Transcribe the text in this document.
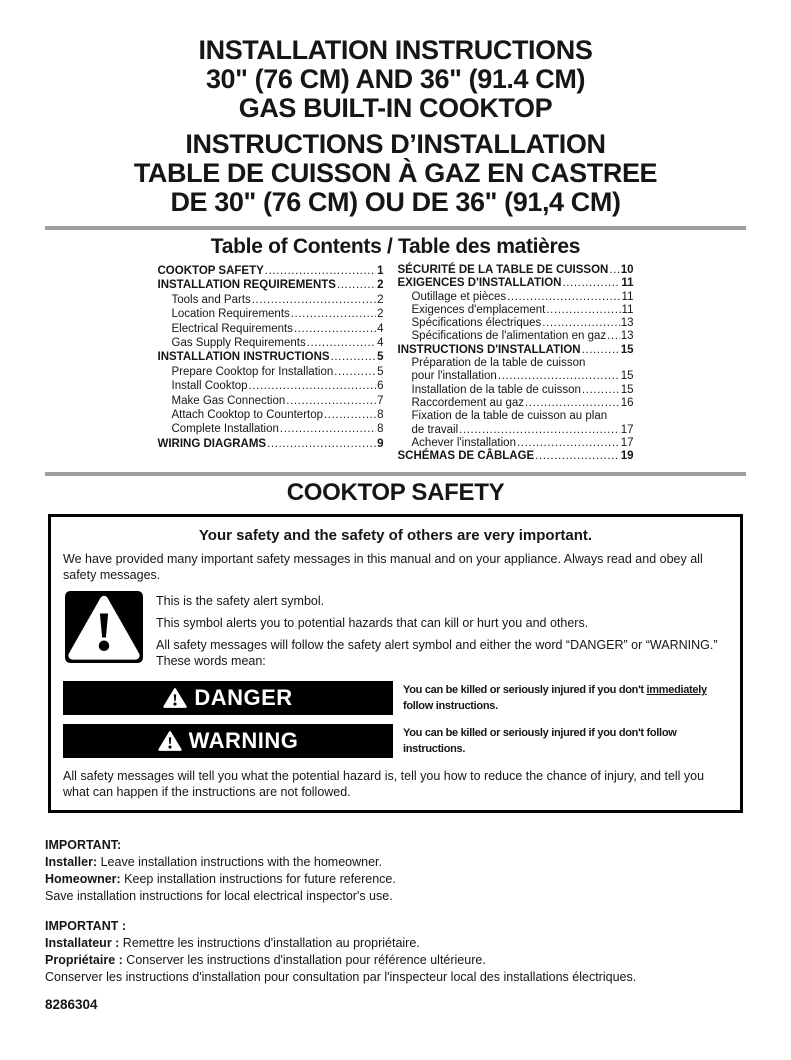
INSTALLATION INSTRUCTIONS
30" (76 CM) AND 36" (91.4 CM)
GAS BUILT-IN COOKTOP
INSTRUCTIONS D’INSTALLATION
TABLE DE CUISSON À GAZ EN CASTREE
DE 30" (76 CM) OU DE 36" (91,4 CM)
Table of Contents / Table des matières
COOKTOP SAFETY .....	1
INSTALLATION REQUIREMENTS .....	2
Tools and Parts .....	2
Location Requirements .....	2
Electrical Requirements .....	4
Gas Supply Requirements .....	4
INSTALLATION INSTRUCTIONS .....	5
Prepare Cooktop for Installation .....	5
Install Cooktop .....	6
Make Gas Connection .....	7
Attach Cooktop to Countertop .....	8
Complete Installation .....	8
WIRING DIAGRAMS .....	9
SÉCURITÉ DE LA TABLE DE CUISSON ..... 10
EXIGENCES D'INSTALLATION .....	11
Outillage et pièces .....	11
Exigences d'emplacement .....	11
Spécifications électriques .....	13
Spécifications de l'alimentation en gaz ..... 13
INSTRUCTIONS D'INSTALLATION .....	15
Préparation de la table de cuisson
pour l'installation .....	15
Installation de la table de cuisson .....	15
Raccordement au gaz .....	16
Fixation de la table de cuisson au plan
de travail .....	17
Achever l'installation .....	17
SCHÉMAS DE CÂBLAGE .....	19
COOKTOP SAFETY
Your safety and the safety of others are very important.

We have provided many important safety messages in this manual and on your appliance. Always read and obey all safety messages.

This is the safety alert symbol.

This symbol alerts you to potential hazards that can kill or hurt you and others.

All safety messages will follow the safety alert symbol and either the word “DANGER” or “WARNING.” These words mean:

DANGER	You can be killed or seriously injured if you don't immediately follow instructions.
WARNING	You can be killed or seriously injured if you don't follow instructions.

All safety messages will tell you what the potential hazard is, tell you how to reduce the chance of injury, and tell you what can happen if the instructions are not followed.

IMPORTANT:
Installer: Leave installation instructions with the homeowner.
Homeowner: Keep installation instructions for future reference.
Save installation instructions for local electrical inspector's use.
IMPORTANT :
Installateur : Remettre les instructions d'installation au propriétaire.
Propriétaire : Conserver les instructions d'installation pour référence ultérieure.
Conserver les instructions d'installation pour consultation par l'inspecteur local des installations électriques.
8286304
